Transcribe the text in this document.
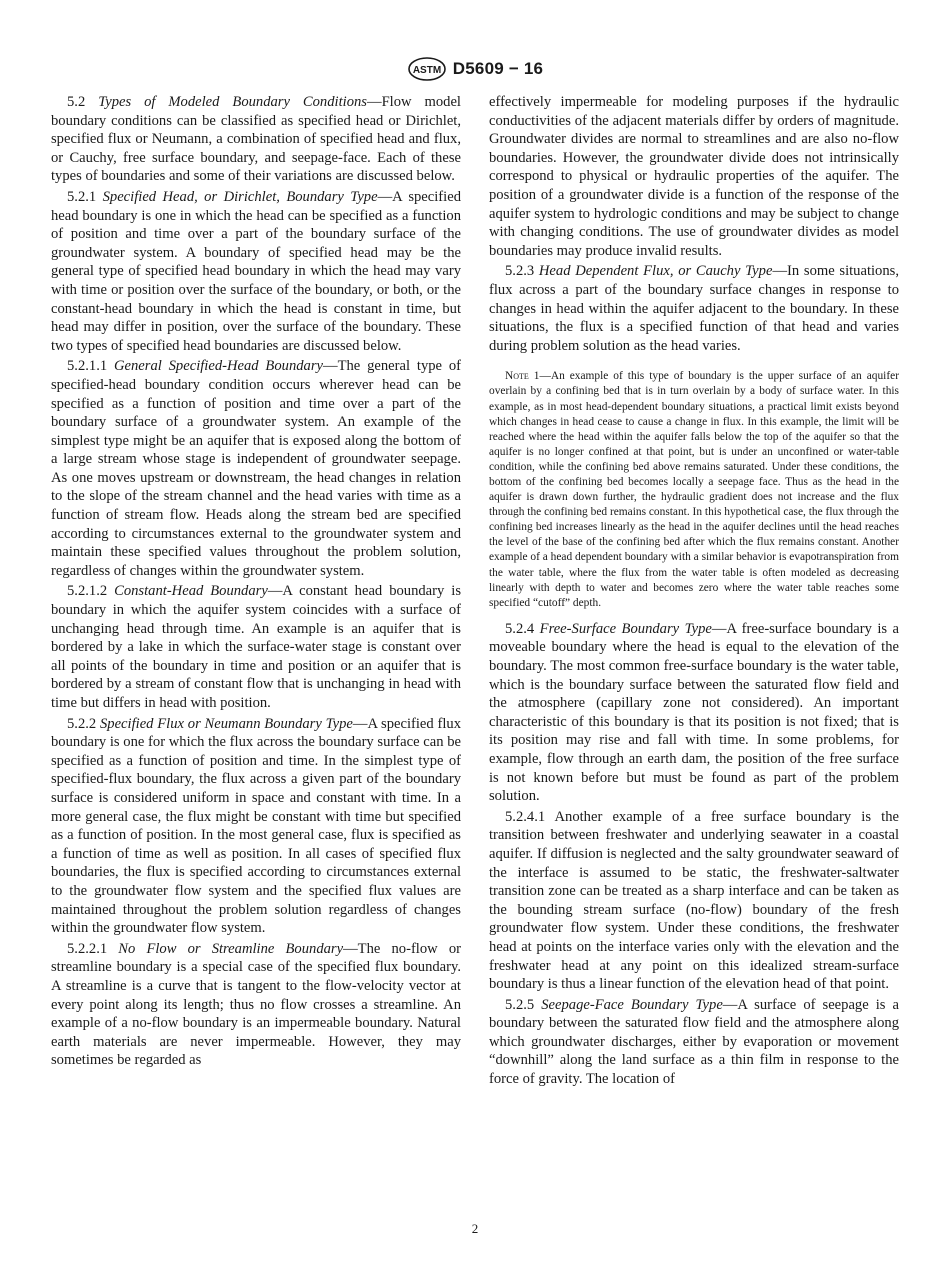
ASTM D5609 − 16

5.2 Types of Modeled Boundary Conditions—Flow model boundary conditions can be classified as specified head or Dirichlet, specified flux or Neumann, a combination of specified head and flux, or Cauchy, free surface boundary, and seepage-face. Each of these types of boundaries and some of their variations are discussed below.

5.2.1 Specified Head, or Dirichlet, Boundary Type—A specified head boundary is one in which the head can be specified as a function of position and time over a part of the boundary surface of the groundwater system. A boundary of specified head may be the general type of specified head boundary in which the head may vary with time or position over the surface of the boundary, or both, or the constant-head boundary in which the head is constant in time, but head may differ in position, over the surface of the boundary. These two types of specified head boundaries are discussed below.

5.2.1.1 General Specified-Head Boundary—The general type of specified-head boundary condition occurs wherever head can be specified as a function of position and time over a part of the boundary surface of a groundwater system. An example of the simplest type might be an aquifer that is exposed along the bottom of a large stream whose stage is independent of groundwater seepage. As one moves upstream or downstream, the head changes in relation to the slope of the stream channel and the head varies with time as a function of stream flow. Heads along the stream bed are specified according to circumstances external to the groundwater system and maintain these specified values throughout the problem solution, regardless of changes within the groundwater system.

5.2.1.2 Constant-Head Boundary—A constant head boundary is boundary in which the aquifer system coincides with a surface of unchanging head through time. An example is an aquifer that is bordered by a lake in which the surface-water stage is constant over all points of the boundary in time and position or an aquifer that is bordered by a stream of constant flow that is unchanging in head with time but differs in head with position.

5.2.2 Specified Flux or Neumann Boundary Type—A specified flux boundary is one for which the flux across the boundary surface can be specified as a function of position and time. In the simplest type of specified-flux boundary, the flux across a given part of the boundary surface is considered uniform in space and constant with time. In a more general case, the flux might be constant with time but specified as a function of position. In the most general case, flux is specified as a function of time as well as position. In all cases of specified flux boundaries, the flux is specified according to circumstances external to the groundwater flow system and the specified flux values are maintained throughout the problem solution regardless of changes within the groundwater flow system.

5.2.2.1 No Flow or Streamline Boundary—The no-flow or streamline boundary is a special case of the specified flux boundary. A streamline is a curve that is tangent to the flow-velocity vector at every point along its length; thus no flow crosses a streamline. An example of a no-flow boundary is an impermeable boundary. Natural earth materials are never impermeable. However, they may sometimes be regarded as

effectively impermeable for modeling purposes if the hydraulic conductivities of the adjacent materials differ by orders of magnitude. Groundwater divides are normal to streamlines and are also no-flow boundaries. However, the groundwater divide does not intrinsically correspond to physical or hydraulic properties of the aquifer. The position of a groundwater divide is a function of the response of the aquifer system to hydrologic conditions and may be subject to change with changing conditions. The use of groundwater divides as model boundaries may produce invalid results.

5.2.3 Head Dependent Flux, or Cauchy Type—In some situations, flux across a part of the boundary surface changes in response to changes in head within the aquifer adjacent to the boundary. In these situations, the flux is a specified function of that head and varies during problem solution as the head varies.

Note 1—An example of this type of boundary is the upper surface of an aquifer overlain by a confining bed that is in turn overlain by a body of surface water. In this example, as in most head-dependent boundary situations, a practical limit exists beyond which changes in head cease to cause a change in flux. In this example, the limit will be reached where the head within the aquifer falls below the top of the aquifer so that the aquifer is no longer confined at that point, but is under an unconfined or water-table condition, while the confining bed above remains saturated. Under these conditions, the bottom of the confining bed becomes locally a seepage face. Thus as the head in the aquifer is drawn down further, the hydraulic gradient does not increase and the flux through the confining bed remains constant. In this hypothetical case, the flux through the confining bed increases linearly as the head in the aquifer declines until the head reaches the level of the base of the confining bed after which the flux remains constant. Another example of a head dependent boundary with a similar behavior is evapotranspiration from the water table, where the flux from the water table is often modeled as decreasing linearly with depth to water and becomes zero where the water table reaches some specified “cutoff” depth.

5.2.4 Free-Surface Boundary Type—A free-surface boundary is a moveable boundary where the head is equal to the elevation of the boundary. The most common free-surface boundary is the water table, which is the boundary surface between the saturated flow field and the atmosphere (capillary zone not considered). An important characteristic of this boundary is that its position is not fixed; that is its position may rise and fall with time. In some problems, for example, flow through an earth dam, the position of the free surface is not known before but must be found as part of the problem solution.

5.2.4.1 Another example of a free surface boundary is the transition between freshwater and underlying seawater in a coastal aquifer. If diffusion is neglected and the salty groundwater seaward of the interface is assumed to be static, the freshwater-saltwater transition zone can be treated as a sharp interface and can be taken as the bounding stream surface (no-flow) boundary of the fresh groundwater flow system. Under these conditions, the freshwater head at points on the interface varies only with the elevation and the freshwater head at any point on this idealized stream-surface boundary is thus a linear function of the elevation head of that point.

5.2.5 Seepage-Face Boundary Type—A surface of seepage is a boundary between the saturated flow field and the atmosphere along which groundwater discharges, either by evaporation or movement “downhill” along the land surface as a thin film in response to the force of gravity. The location of

2
